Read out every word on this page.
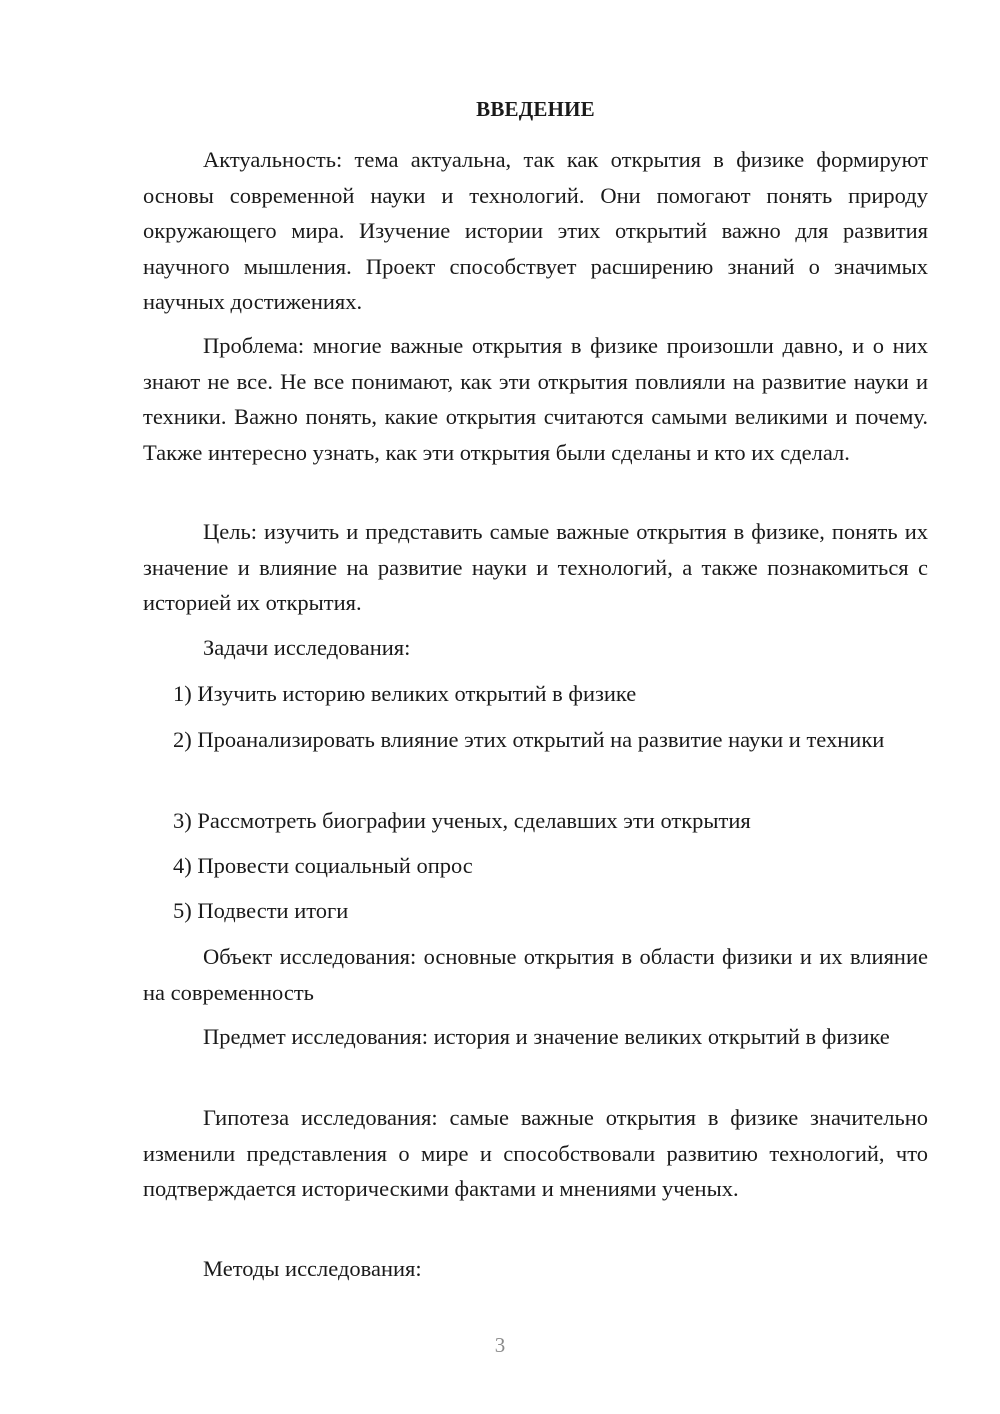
ВВЕДЕНИЕ

Актуальность: тема актуальна, так как открытия в физике формируют основы современной науки и технологий. Они помогают понять природу окружающего мира. Изучение истории этих открытий важно для развития научного мышления. Проект способствует расширению знаний о значимых научных достижениях.

Проблема: многие важные открытия в физике произошли давно, и о них знают не все. Не все понимают, как эти открытия повлияли на развитие науки и техники. Важно понять, какие открытия считаются самыми великими и почему. Также интересно узнать, как эти открытия были сделаны и кто их сделал.

Цель: изучить и представить самые важные открытия в физике, понять их значение и влияние на развитие науки и технологий, а также познакомиться с историей их открытия.

Задачи исследования:

1) Изучить историю великих открытий в физике

2) Проанализировать влияние этих открытий на развитие науки и техники

3) Рассмотреть биографии ученых, сделавших эти открытия

4) Провести социальный опрос

5) Подвести итоги

Объект исследования: основные открытия в области физики и их влияние на современность

Предмет исследования: история и значение великих открытий в физике

Гипотеза исследования: самые важные открытия в физике значительно изменили представления о мире и способствовали развитию технологий, что подтверждается историческими фактами и мнениями ученых.

Методы исследования:

3
